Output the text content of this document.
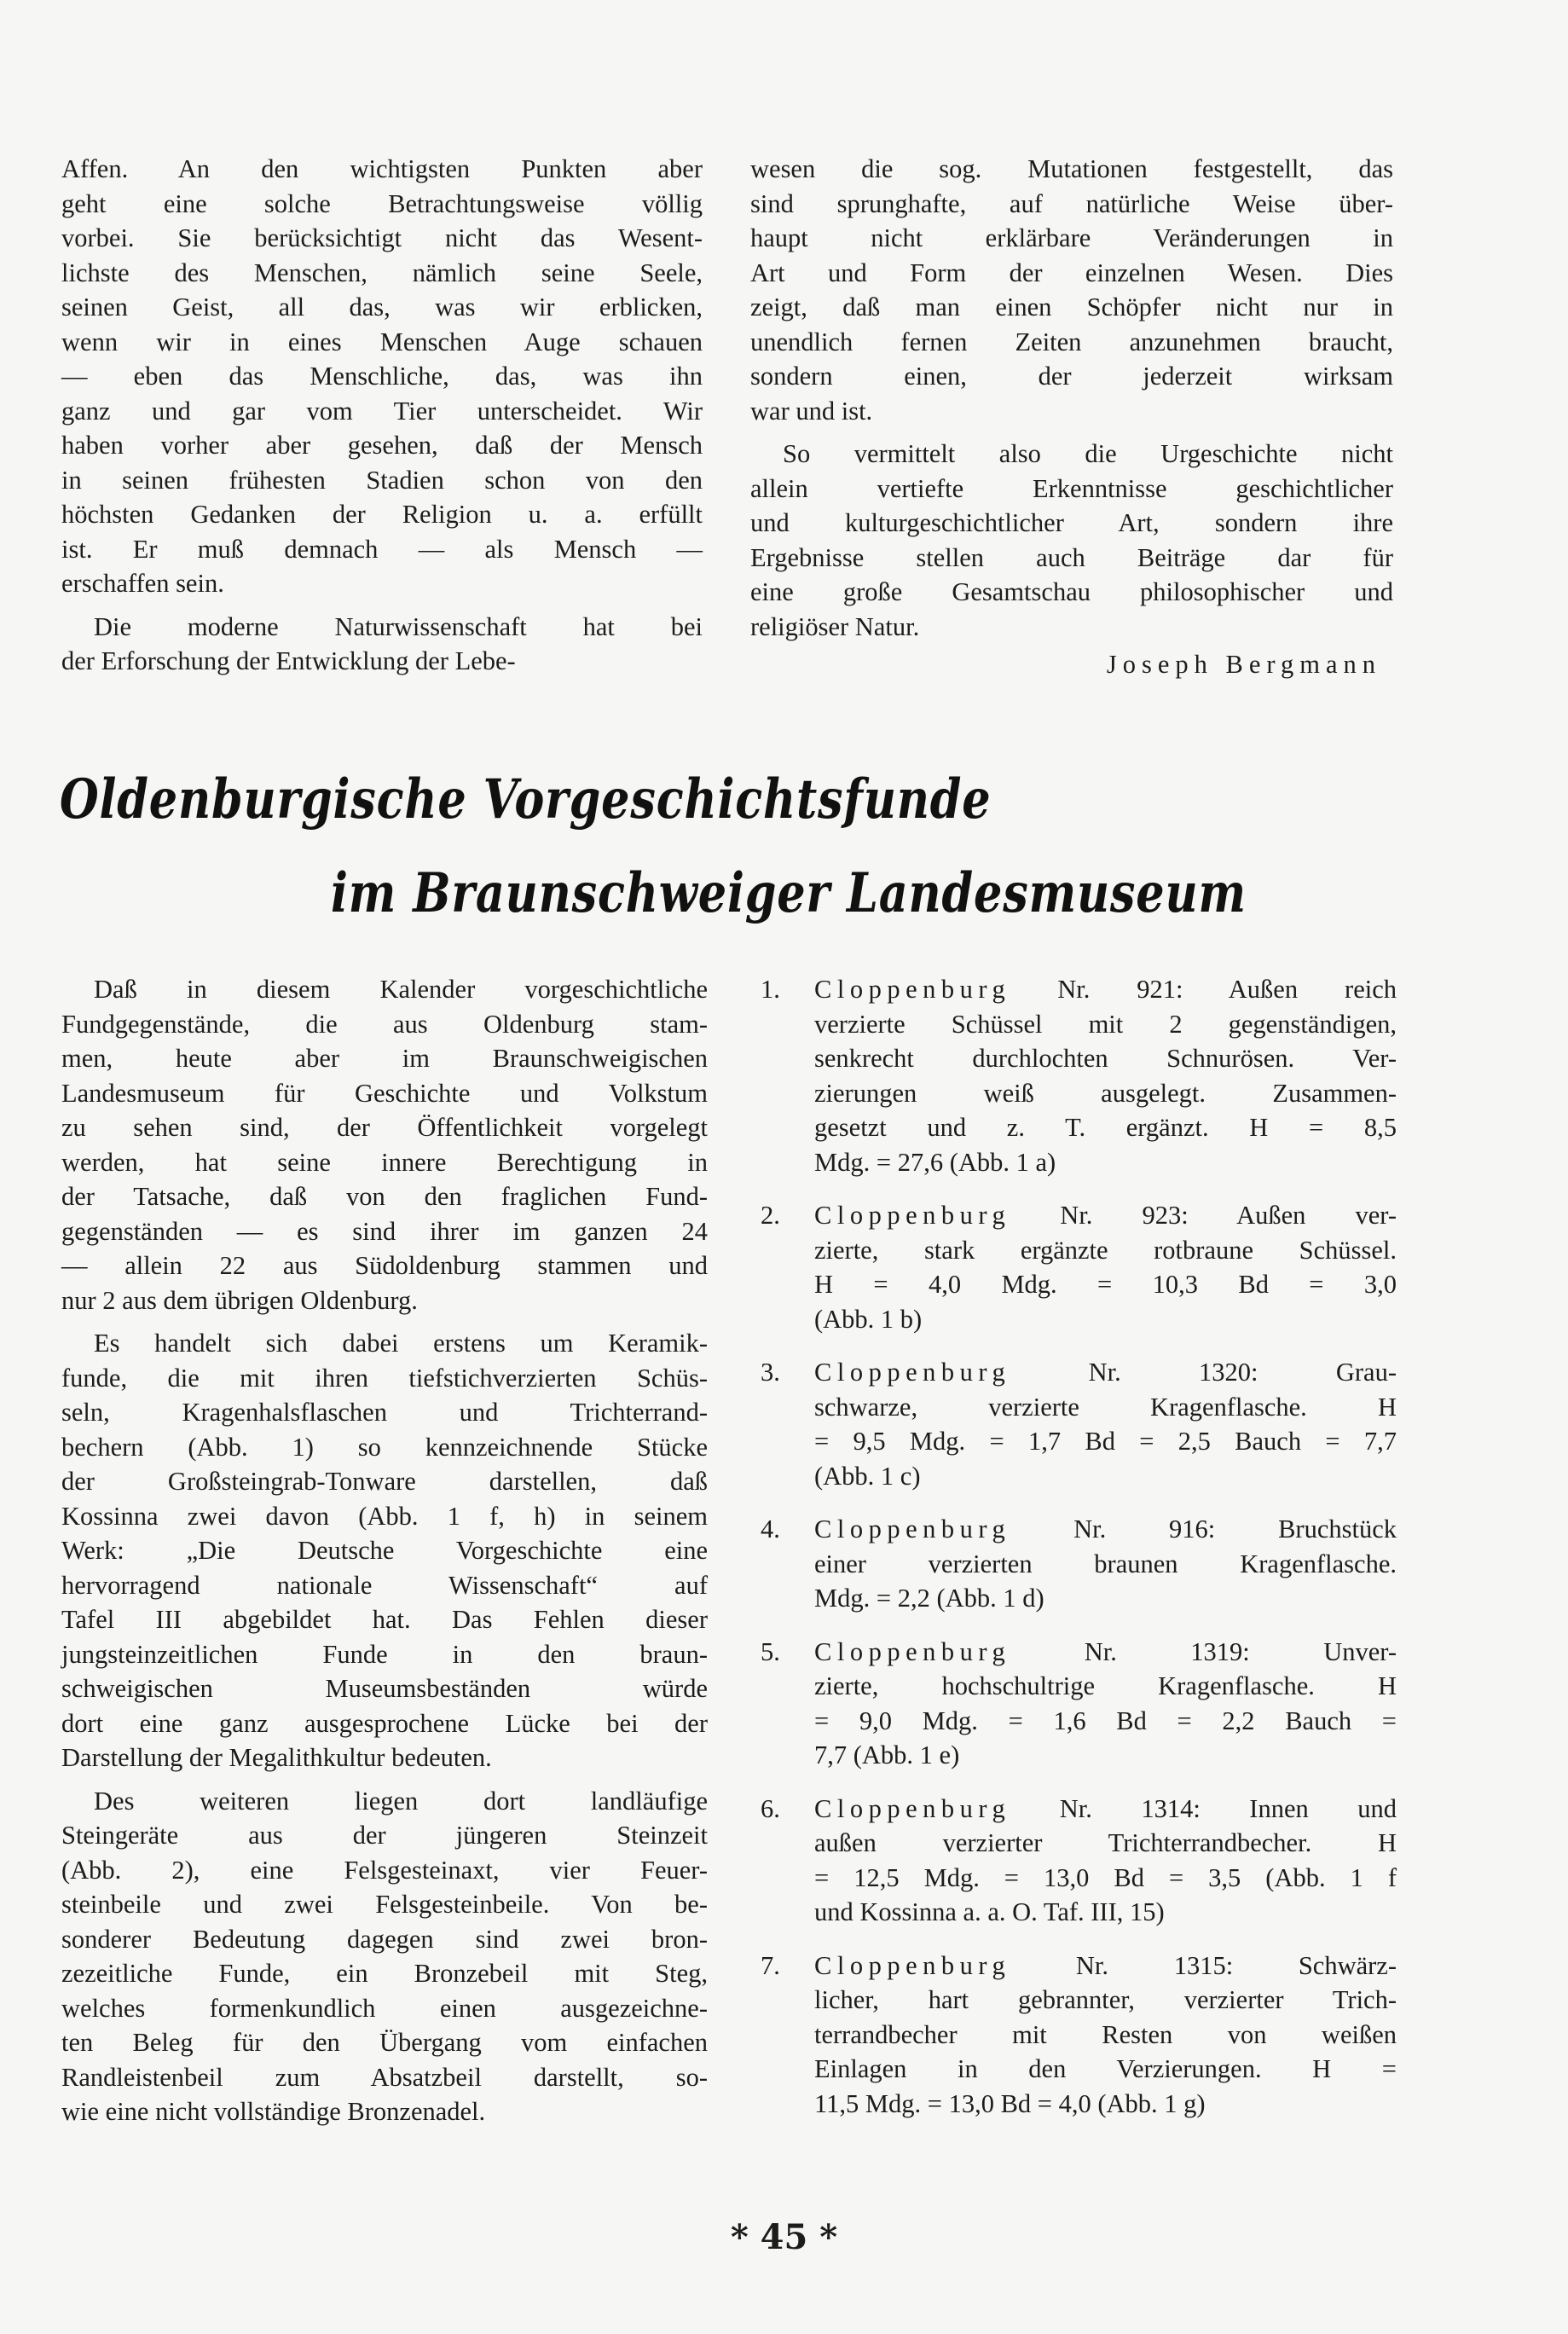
Affen. An den wichtigsten Punkten aber
geht eine solche Betrachtungsweise völlig
vorbei. Sie berücksichtigt nicht das Wesent-
lichste des Menschen, nämlich seine Seele,
seinen Geist, all das, was wir erblicken,
wenn wir in eines Menschen Auge schauen
— eben das Menschliche, das, was ihn
ganz und gar vom Tier unterscheidet. Wir
haben vorher aber gesehen, daß der Mensch
in seinen frühesten Stadien schon von den
höchsten Gedanken der Religion u. a. erfüllt
ist. Er muß demnach — als Mensch —
erschaffen sein.
Die moderne Naturwissenschaft hat bei
der Erforschung der Entwicklung der Lebe-
wesen die sog. Mutationen festgestellt, das
sind sprunghafte, auf natürliche Weise über-
haupt nicht erklärbare Veränderungen in
Art und Form der einzelnen Wesen. Dies
zeigt, daß man einen Schöpfer nicht nur in
unendlich fernen Zeiten anzunehmen braucht,
sondern einen, der jederzeit wirksam
war und ist.
So vermittelt also die Urgeschichte nicht
allein vertiefte Erkenntnisse geschichtlicher
und kulturgeschichtlicher Art, sondern ihre
Ergebnisse stellen auch Beiträge dar für
eine große Gesamtschau philosophischer und
religiöser Natur.
Joseph Bergmann
Oldenburgische Vorgeschichtsfunde
im Braunschweiger Landesmuseum
Daß in diesem Kalender vorgeschichtliche
Fundgegenstände, die aus Oldenburg stam-
men, heute aber im Braunschweigischen
Landesmuseum für Geschichte und Volkstum
zu sehen sind, der Öffentlichkeit vorgelegt
werden, hat seine innere Berechtigung in
der Tatsache, daß von den fraglichen Fund-
gegenständen — es sind ihrer im ganzen 24
— allein 22 aus Südoldenburg stammen und
nur 2 aus dem übrigen Oldenburg.
Es handelt sich dabei erstens um Keramik-
funde, die mit ihren tiefstichverzierten Schüs-
seln, Kragenhalsflaschen und Trichterrand-
bechern (Abb. 1) so kennzeichnende Stücke
der Großsteingrab-Tonware darstellen, daß
Kossinna zwei davon (Abb. 1 f, h) in seinem
Werk: „Die Deutsche Vorgeschichte eine
hervorragend nationale Wissenschaft“ auf
Tafel III abgebildet hat. Das Fehlen dieser
jungsteinzeitlichen Funde in den braun-
schweigischen Museumsbeständen würde
dort eine ganz ausgesprochene Lücke bei der
Darstellung der Megalithkultur bedeuten.
Des weiteren liegen dort landläufige
Steingeräte aus der jüngeren Steinzeit
(Abb. 2), eine Felsgesteinaxt, vier Feuer-
steinbeile und zwei Felsgesteinbeile. Von be-
sonderer Bedeutung dagegen sind zwei bron-
zezeitliche Funde, ein Bronzebeil mit Steg,
welches formenkundlich einen ausgezeichne-
ten Beleg für den Übergang vom einfachen
Randleistenbeil zum Absatzbeil darstellt, so-
wie eine nicht vollständige Bronzenadel.
1. Cloppenburg Nr. 921: Außen reich
verzierte Schüssel mit 2 gegenständigen,
senkrecht durchlochten Schnurösen. Ver-
zierungen weiß ausgelegt. Zusammen-
gesetzt und z. T. ergänzt. H = 8,5
Mdg. = 27,6 (Abb. 1 a)
2. Cloppenburg Nr. 923: Außen ver-
zierte, stark ergänzte rotbraune Schüssel.
H = 4,0 Mdg. = 10,3 Bd = 3,0
(Abb. 1 b)
3. Cloppenburg	Nr. 1320: Grau-
schwarze, verzierte Kragenflasche. H
= 9,5 Mdg. = 1,7 Bd = 2,5 Bauch = 7,7
(Abb. 1 c)
4. Cloppenburg Nr. 916: Bruchstück
einer verzierten braunen Kragenflasche.
Mdg. = 2,2 (Abb. 1 d)
5. Cloppenburg	Nr. 1319: Unver-
zierte, hochschultrige Kragenflasche. H
= 9,0 Mdg. = 1,6 Bd = 2,2 Bauch =
7,7 (Abb. 1 e)
6. Cloppenburg Nr. 1314: Innen und
außen verzierter Trichterrandbecher. H
= 12,5 Mdg. = 13,0 Bd = 3,5 (Abb. 1 f
und Kossinna a. a. O. Taf. III, 15)
7. Cloppenburg	Nr. 1315: Schwärz-
licher, hart gebrannter, verzierter Trich-
terrandbecher mit Resten von weißen
Einlagen in den Verzierungen. H =
11,5 Mdg. = 13,0 Bd = 4,0 (Abb. 1 g)
* 45 *
